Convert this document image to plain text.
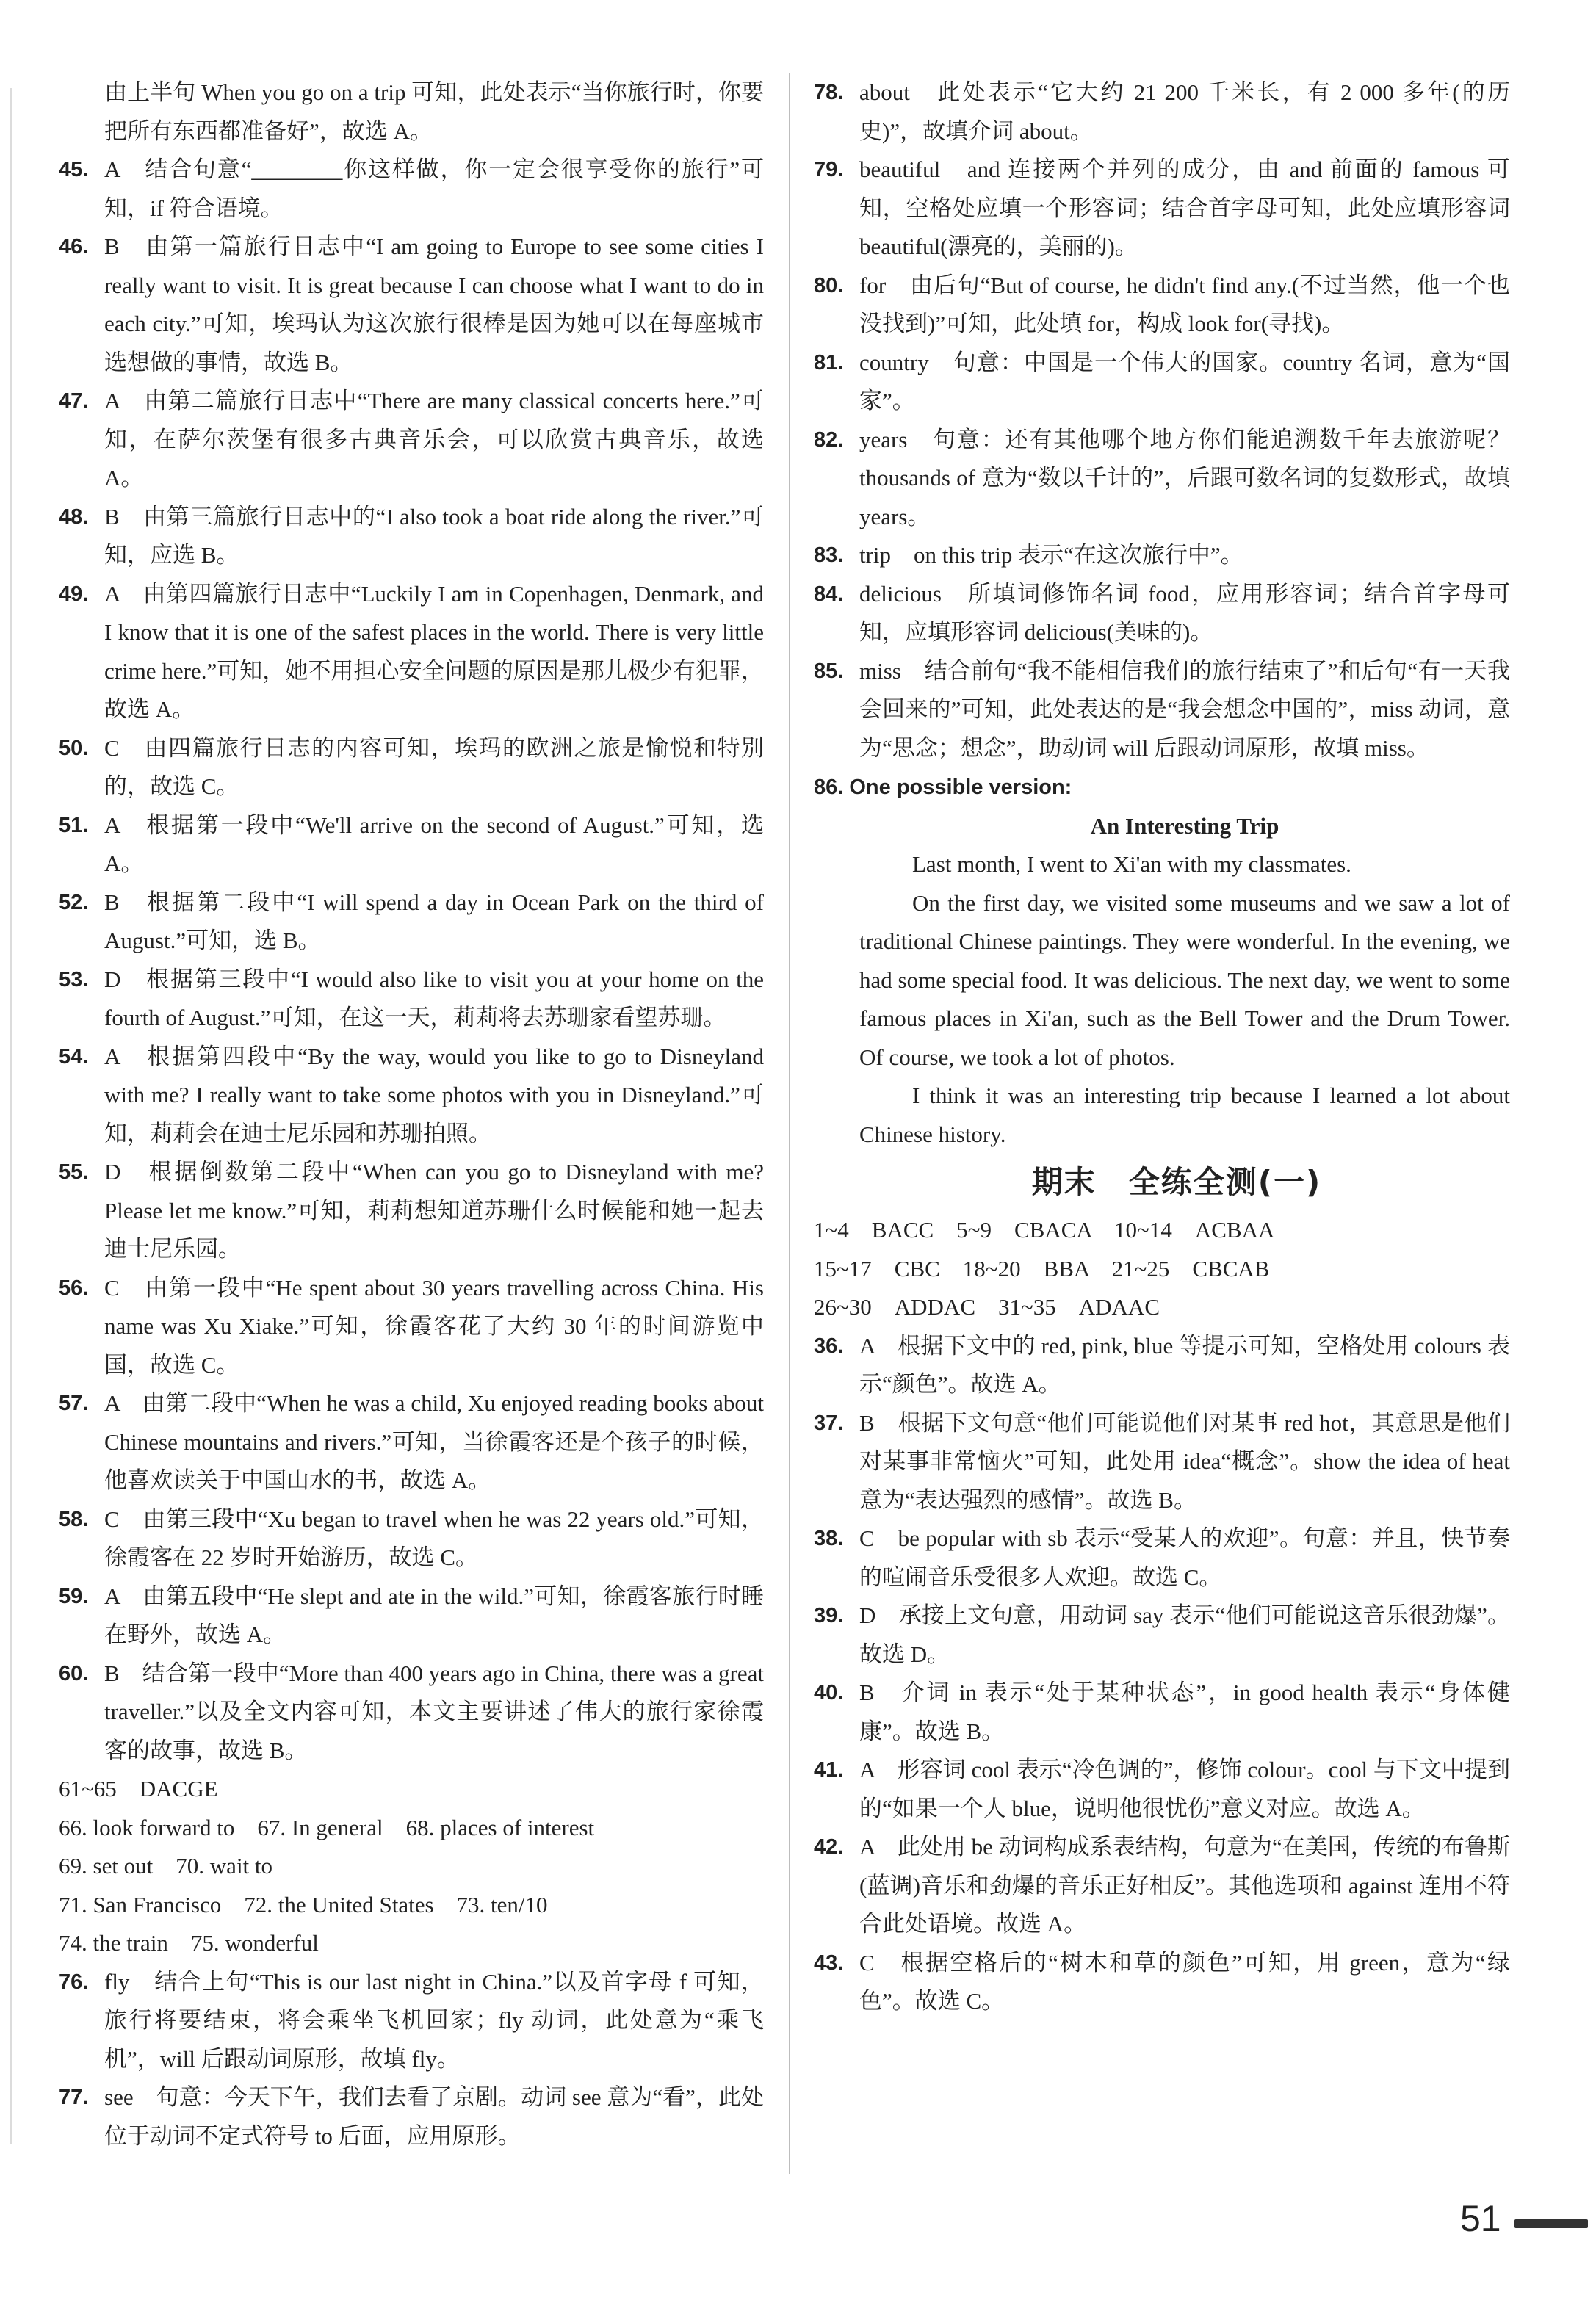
由上半句 When you go on a trip 可知，此处表示“当你旅行时，你要把所有东西都准备好”，故选 A。
45. A　结合句意“________你这样做，你一定会很享受你的旅行”可知，if 符合语境。
46. B　由第一篇旅行日志中“I am going to Europe to see some cities I really want to visit. It is great because I can choose what I want to do in each city.”可知，埃玛认为这次旅行很棒是因为她可以在每座城市选想做的事情，故选 B。
47. A　由第二篇旅行日志中“There are many classical concerts here.”可知，在萨尔茨堡有很多古典音乐会，可以欣赏古典音乐，故选 A。
48. B　由第三篇旅行日志中的“I also took a boat ride along the river.”可知，应选 B。
49. A　由第四篇旅行日志中“Luckily I am in Copenhagen, Denmark, and I know that it is one of the safest places in the world. There is very little crime here.”可知，她不用担心安全问题的原因是那儿极少有犯罪，故选 A。
50. C　由四篇旅行日志的内容可知，埃玛的欧洲之旅是愉悦和特别的，故选 C。
51. A　根据第一段中“We'll arrive on the second of August.”可知，选 A。
52. B　根据第二段中“I will spend a day in Ocean Park on the third of August.”可知，选 B。
53. D　根据第三段中“I would also like to visit you at your home on the fourth of August.”可知，在这一天，莉莉将去苏珊家看望苏珊。
54. A　根据第四段中“By the way, would you like to go to Disneyland with me? I really want to take some photos with you in Disneyland.”可知，莉莉会在迪士尼乐园和苏珊拍照。
55. D　根据倒数第二段中“When can you go to Disneyland with me? Please let me know.”可知，莉莉想知道苏珊什么时候能和她一起去迪士尼乐园。
56. C　由第一段中“He spent about 30 years travelling across China. His name was Xu Xiake.”可知，徐霞客花了大约 30 年的时间游览中国，故选 C。
57. A　由第二段中“When he was a child, Xu enjoyed reading books about Chinese mountains and rivers.”可知，当徐霞客还是个孩子的时候，他喜欢读关于中国山水的书，故选 A。
58. C　由第三段中“Xu began to travel when he was 22 years old.”可知，徐霞客在 22 岁时开始游历，故选 C。
59. A　由第五段中“He slept and ate in the wild.”可知，徐霞客旅行时睡在野外，故选 A。
60. B　结合第一段中“More than 400 years ago in China, there was a great traveller.”以及全文内容可知，本文主要讲述了伟大的旅行家徐霞客的故事，故选 B。
61~65　DACGE
66. look forward to　67. In general　68. places of interest
69. set out　70. wait to
71. San Francisco　72. the United States　73. ten/10
74. the train　75. wonderful
76. fly　结合上句“This is our last night in China.”以及首字母 f 可知，旅行将要结束，将会乘坐飞机回家；fly 动词，此处意为“乘飞机”，will 后跟动词原形，故填 fly。
77. see　句意：今天下午，我们去看了京剧。动词 see 意为“看”，此处位于动词不定式符号 to 后面，应用原形。
78. about　此处表示“它大约 21 200 千米长，有 2 000 多年(的历史)”，故填介词 about。
79. beautiful　and 连接两个并列的成分，由 and 前面的 famous 可知，空格处应填一个形容词；结合首字母可知，此处应填形容词 beautiful(漂亮的，美丽的)。
80. for　由后句“But of course, he didn't find any.(不过当然，他一个也没找到)”可知，此处填 for，构成 look for(寻找)。
81. country　句意：中国是一个伟大的国家。country 名词，意为“国家”。
82. years　句意：还有其他哪个地方你们能追溯数千年去旅游呢？ thousands of 意为“数以千计的”，后跟可数名词的复数形式，故填 years。
83. trip　on this trip 表示“在这次旅行中”。
84. delicious　所填词修饰名词 food，应用形容词；结合首字母可知，应填形容词 delicious(美味的)。
85. miss　结合前句“我不能相信我们的旅行结束了”和后句“有一天我会回来的”可知，此处表达的是“我会想念中国的”，miss 动词，意为“思念；想念”，助动词 will 后跟动词原形，故填 miss。
86. One possible version:
An Interesting Trip
Last month, I went to Xi'an with my classmates.
On the first day, we visited some museums and we saw a lot of traditional Chinese paintings. They were wonderful. In the evening, we had some special food. It was delicious. The next day, we went to some famous places in Xi'an, such as the Bell Tower and the Drum Tower. Of course, we took a lot of photos.
I think it was an interesting trip because I learned a lot about Chinese history.
期末　全练全测(一)
1~4　BACC　5~9　CBACA　10~14　ACBAA
15~17　CBC　18~20　BBA　21~25　CBCAB
26~30　ADDAC　31~35　ADAAC
36. A　根据下文中的 red, pink, blue 等提示可知，空格处用 colours 表示“颜色”。故选 A。
37. B　根据下文句意“他们可能说他们对某事 red hot，其意思是他们对某事非常恼火”可知，此处用 idea“概念”。show the idea of heat 意为“表达强烈的感情”。故选 B。
38. C　be popular with sb 表示“受某人的欢迎”。句意：并且，快节奏的喧闹音乐受很多人欢迎。故选 C。
39. D　承接上文句意，用动词 say 表示“他们可能说这音乐很劲爆”。故选 D。
40. B　介词 in 表示“处于某种状态”，in good health 表示“身体健康”。故选 B。
41. A　形容词 cool 表示“冷色调的”，修饰 colour。cool 与下文中提到的“如果一个人 blue，说明他很忧伤”意义对应。故选 A。
42. A　此处用 be 动词构成系表结构，句意为“在美国，传统的布鲁斯(蓝调)音乐和劲爆的音乐正好相反”。其他选项和 against 连用不符合此处语境。故选 A。
43. C　根据空格后的“树木和草的颜色”可知，用 green，意为“绿色”。故选 C。
51
